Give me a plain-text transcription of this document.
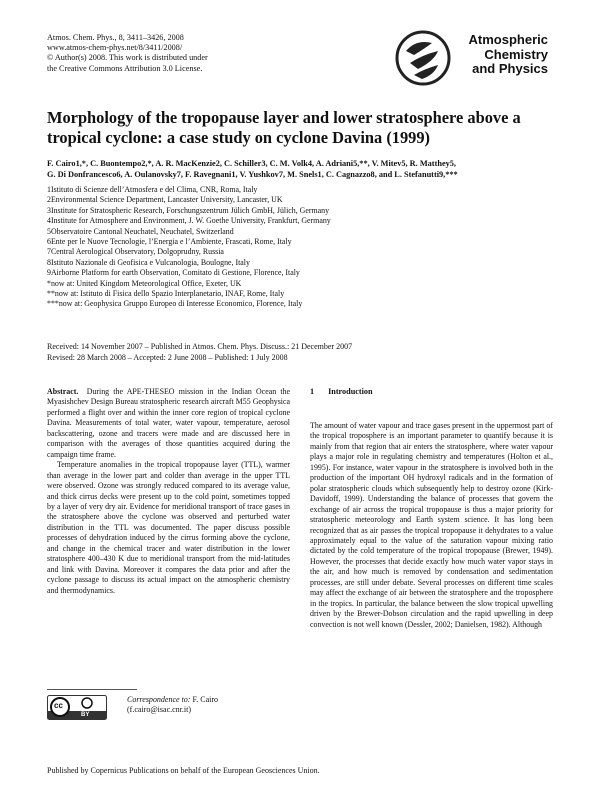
Atmos. Chem. Phys., 8, 3411–3426, 2008
www.atmos-chem-phys.net/8/3411/2008/
© Author(s) 2008. This work is distributed under
the Creative Commons Attribution 3.0 License.
Atmospheric
Chemistry
and Physics
Morphology of the tropopause layer and lower stratosphere above a tropical cyclone: a case study on cyclone Davina (1999)
F. Cairo1,*, C. Buontempo2,*, A. R. MacKenzie2, C. Schiller3, C. M. Volk4, A. Adriani5,**, V. Mitev5, R. Matthey5,
G. Di Donfrancesco6, A. Oulanovsky7, F. Ravegnani1, V. Yushkov7, M. Snels1, C. Cagnazzo8, and L. Stefanutti9,***
1Istituto di Scienze dell’Atmosfera e del Clima, CNR, Roma, Italy
2Environmental Science Department, Lancaster University, Lancaster, UK
3Institute for Stratospheric Research, Forschungszentrum Jülich GmbH, Jülich, Germany
4Institute for Atmosphere and Environment, J. W. Goethe University, Frankfurt, Germany
5Observatoire Cantonal Neuchatel, Neuchatel, Switzerland
6Ente per le Nuove Tecnologie, l’Energia e l’Ambiente, Frascati, Rome, Italy
7Central Aerological Observatory, Dolgoprudny, Russia
8Istituto Nazionale di Geofisica e Vulcanologia, Boulogne, Italy
9Airborne Platform for earth Observation, Comitato di Gestione, Florence, Italy
*now at: United Kingdom Meteorological Office, Exeter, UK
**now at: Istituto di Fisica dello Spazio Interplanetario, INAF, Rome, Italy
***now at: Geophysica Gruppo Europeo di Interesse Economico, Florence, Italy
Received: 14 November 2007 – Published in Atmos. Chem. Phys. Discuss.: 21 December 2007
Revised: 28 March 2008 – Accepted: 2 June 2008 – Published: 1 July 2008

Abstract. During the APE-THESEO mission in the Indian Ocean the Myasishchev Design Bureau stratospheric research aircraft M55 Geophysica performed a flight over and within the inner core region of tropical cyclone Davina. Measurements of total water, water vapour, temperature, aerosol backscattering, ozone and tracers were made and are discussed here in comparison with the averages of those quantities acquired during the campaign time frame.

Temperature anomalies in the tropical tropopause layer (TTL), warmer than average in the lower part and colder than average in the upper TTL were observed. Ozone was strongly reduced compared to its average value, and thick cirrus decks were present up to the cold point, sometimes topped by a layer of very dry air. Evidence for meridional transport of trace gases in the stratosphere above the cyclone was observed and perturbed water distribution in the TTL was documented. The paper discuss possible processes of dehydration induced by the cirrus forming above the cyclone, and change in the chemical tracer and water distribution in the lower stratosphere 400–430 K due to meridional transport from the mid-latitudes and link with Davina. Moreover it compares the data prior and after the cyclone passage to discuss its actual impact on the atmospheric chemistry and thermodynamics.

1 Introduction

The amount of water vapour and trace gases present in the uppermost part of the tropical troposphere is an important parameter to quantify because it is mainly from that region that air enters the stratosphere, where water vapour plays a major role in regulating chemistry and temperatures (Holton et al., 1995). For instance, water vapour in the stratosphere is involved both in the production of the important OH hydroxyl radicals and in the formation of polar stratospheric clouds which subsequently help to destroy ozone (Kirk-Davidoff, 1999). Understanding the balance of processes that govern the exchange of air across the tropical tropopause is thus a major priority for stratospheric meteorology and Earth system science. It has long been recognized that as air passes the tropical tropopause it dehydrates to a value approximately equal to the value of the saturation vapour mixing ratio dictated by the cold temperature of the tropical tropopause (Brewer, 1949). However, the processes that decide exactly how much water vapor stays in the air, and how much is removed by condensation and sedimentation processes, are still under debate. Several processes on different time scales may affect the exchange of air between the stratosphere and the troposphere in the tropics. In particular, the balance between the slow tropical upwelling driven by the Brewer-Dobson circulation and the rapid upwelling in deep convection is not well known (Dessler, 2002; Danielsen, 1982). Although

cc
BY
Correspondence to: F. Cairo
(f.cairo@isac.cnr.it)
Published by Copernicus Publications on behalf of the European Geosciences Union.
